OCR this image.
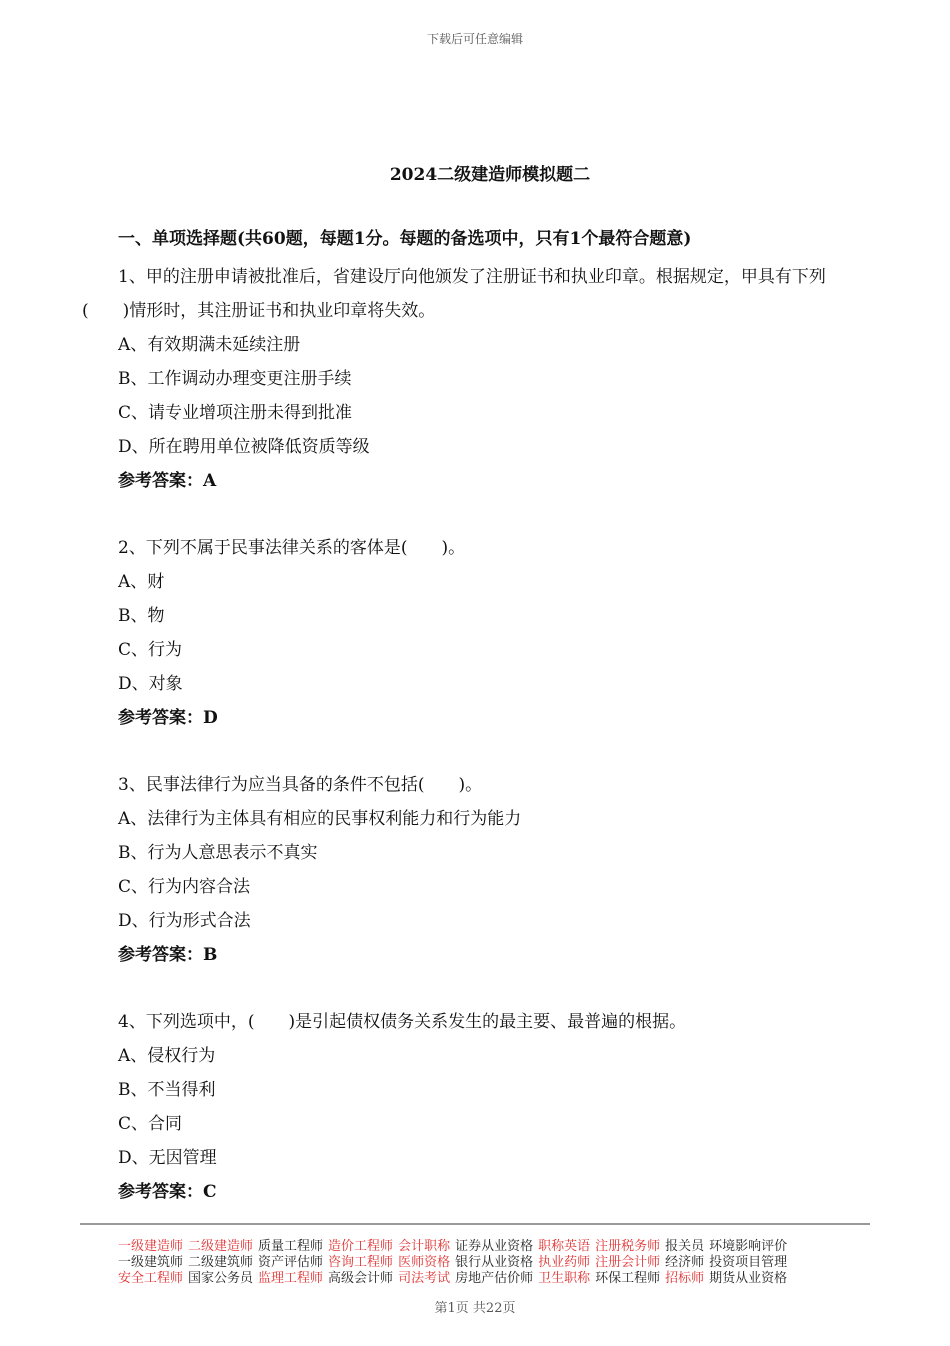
下载后可任意编辑
2024二级建造师模拟题二
一、单项选择题(共60题，每题1分。每题的备选项中，只有1个最符合题意)

1、甲的注册申请被批准后，省建设厅向他颁发了注册证书和执业印章。根据规定，甲具有下列(　　)情形时，其注册证书和执业印章将失效。

A、有效期满未延续注册
B、工作调动办理变更注册手续
C、请专业增项注册未得到批准
D、所在聘用单位被降低资质等级
参考答案：A

2、下列不属于民事法律关系的客体是(　　)。

A、财
B、物
C、行为
D、对象
参考答案：D

3、民事法律行为应当具备的条件不包括(　　)。

A、法律行为主体具有相应的民事权利能力和行为能力
B、行为人意思表示不真实
C、行为内容合法
D、行为形式合法
参考答案：B

4、下列选项中，(　　)是引起债权债务关系发生的最主要、最普遍的根据。

A、侵权行为
B、不当得利
C、合同
D、无因管理
参考答案：C
一级建造师 二级建造师 质量工程师 造价工程师 会计职称 证券从业资格 职称英语 注册税务师 报关员 环境影响评价
一级建筑师 二级建筑师 资产评估师 咨询工程师 医师资格 银行从业资格 执业药师 注册会计师 经济师 投资项目管理
安全工程师 国家公务员 监理工程师 高级会计师 司法考试 房地产估价师 卫生职称 环保工程师 招标师 期货从业资格
第1页 共22页
